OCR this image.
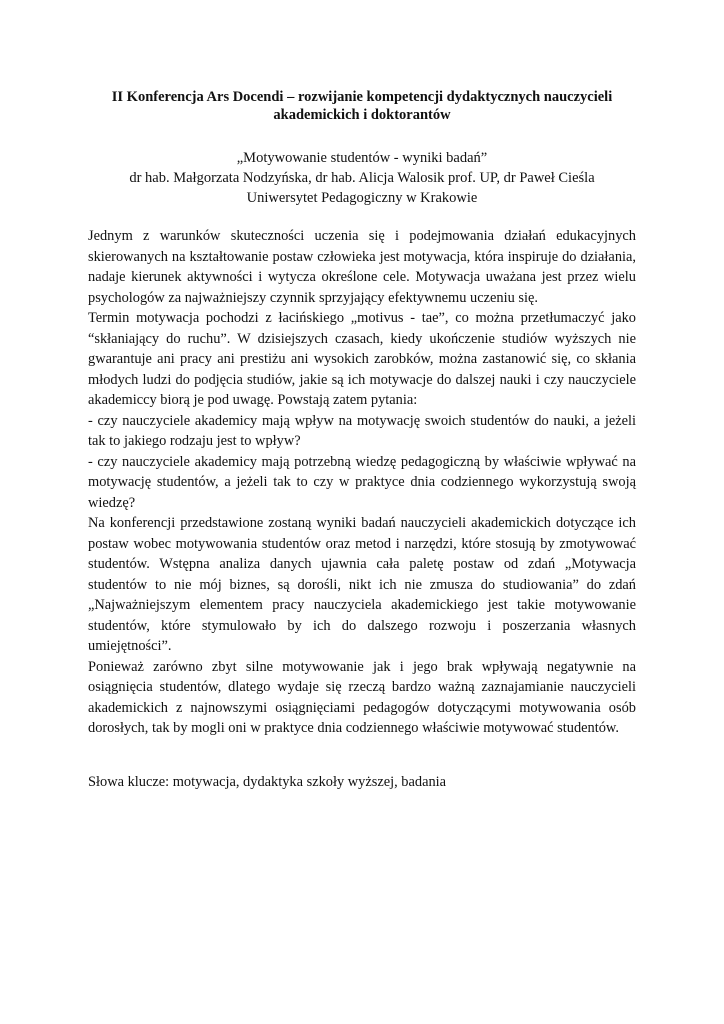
II Konferencja Ars Docendi – rozwijanie kompetencji dydaktycznych nauczycieli akademickich i doktorantów
„Motywowanie studentów - wyniki badań”
dr hab. Małgorzata Nodzyńska, dr hab. Alicja Walosik prof. UP, dr Paweł Cieśla
Uniwersytet Pedagogiczny w Krakowie

Jednym z warunków skuteczności uczenia się i podejmowania działań edukacyjnych skierowanych na kształtowanie postaw człowieka jest motywacja, która inspiruje do działania, nadaje kierunek aktywności i wytycza określone cele. Motywacja uważana jest przez wielu psychologów za najważniejszy czynnik sprzyjający efektywnemu uczeniu się.

Termin motywacja pochodzi z łacińskiego „motivus - tae”, co można przetłumaczyć jako “skłaniający do ruchu”. W dzisiejszych czasach, kiedy ukończenie studiów wyższych nie gwarantuje ani pracy ani prestiżu ani wysokich zarobków, można zastanowić się, co skłania młodych ludzi do podjęcia studiów, jakie są ich motywacje do dalszej nauki i czy nauczyciele akademiccy biorą je pod uwagę. Powstają zatem pytania:

- czy nauczyciele akademicy mają wpływ na motywację swoich studentów do nauki, a jeżeli tak to jakiego rodzaju jest to wpływ?

- czy nauczyciele akademicy mają potrzebną wiedzę pedagogiczną by właściwie wpływać na motywację studentów, a jeżeli tak to czy w praktyce dnia codziennego wykorzystują swoją wiedzę?

Na konferencji przedstawione zostaną wyniki badań nauczycieli akademickich dotyczące ich postaw wobec motywowania studentów oraz metod i narzędzi, które stosują by zmotywować studentów. Wstępna analiza danych ujawnia cała paletę postaw od zdań „Motywacja studentów to nie mój biznes, są dorośli, nikt ich nie zmusza do studiowania” do zdań „Najważniejszym elementem pracy nauczyciela akademickiego jest takie motywowanie studentów, które stymulowało by ich do dalszego rozwoju i poszerzania własnych umiejętności”.

Ponieważ zarówno zbyt silne motywowanie jak i jego brak wpływają negatywnie na osiągnięcia studentów, dlatego wydaje się rzeczą bardzo ważną zaznajamianie nauczycieli akademickich z najnowszymi osiągnięciami pedagogów dotyczącymi motywowania osób dorosłych, tak by mogli oni w praktyce dnia codziennego właściwie motywować studentów.

Słowa klucze: motywacja, dydaktyka szkoły wyższej, badania
